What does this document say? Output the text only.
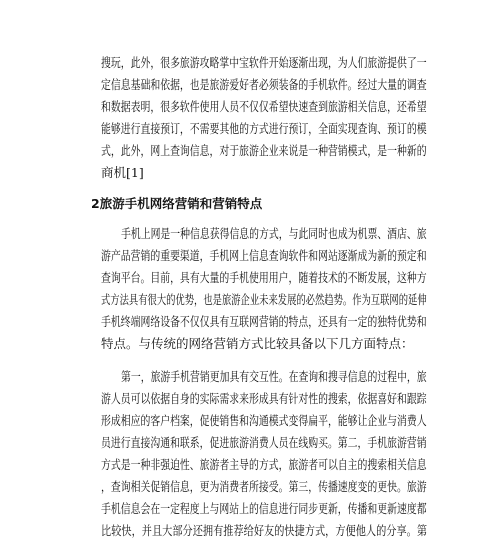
搜玩，此外，很多旅游攻略掌中宝软件开始逐渐出现，为人们旅游提供了一
定信息基础和依据，也是旅游爱好者必须装备的手机软件。经过大量的调查
和数据表明，很多软件使用人员不仅仅希望快速查到旅游相关信息，还希望
能够进行直接预订，不需要其他的方式进行预订，全面实现查询、预订的模
式，此外，网上查询信息，对于旅游企业来说是一种营销模式，是一种新的
商机[1]
2旅游手机网络营销和营销特点
手机上网是一种信息获得信息的方式，与此同时也成为机票、酒店、旅
游产品营销的重要渠道，手机网上信息查询软件和网站逐渐成为新的预定和
查询平台。目前，具有大量的手机使用用户，随着技术的不断发展，这种方
式方法具有很大的优势，也是旅游企业未来发展的必然趋势。作为互联网的延伸
手机终端网络设备不仅仅具有互联网营销的特点，还具有一定的独特优势和
特点。与传统的网络营销方式比较具备以下几方面特点：
第一，旅游手机营销更加具有交互性。在查询和搜寻信息的过程中，旅
游人员可以依据自身的实际需求来形成具有针对性的搜索，依据喜好和跟踪
形成相应的客户档案，促使销售和沟通模式变得扁平，能够让企业与消费人
员进行直接沟通和联系，促进旅游消费人员在线购买。第二，手机旅游营销
方式是一种非强迫性、旅游者主导的方式，旅游者可以自主的搜索相关信息
，查询相关促销信息，更为消费者所接受。第三，传播速度变的更快。旅游
手机信息会在一定程度上与网站上的信息进行同步更新，传播和更新速度都
比较快，并且大部分还拥有推荐给好友的快捷方式，方便他人的分享。第
